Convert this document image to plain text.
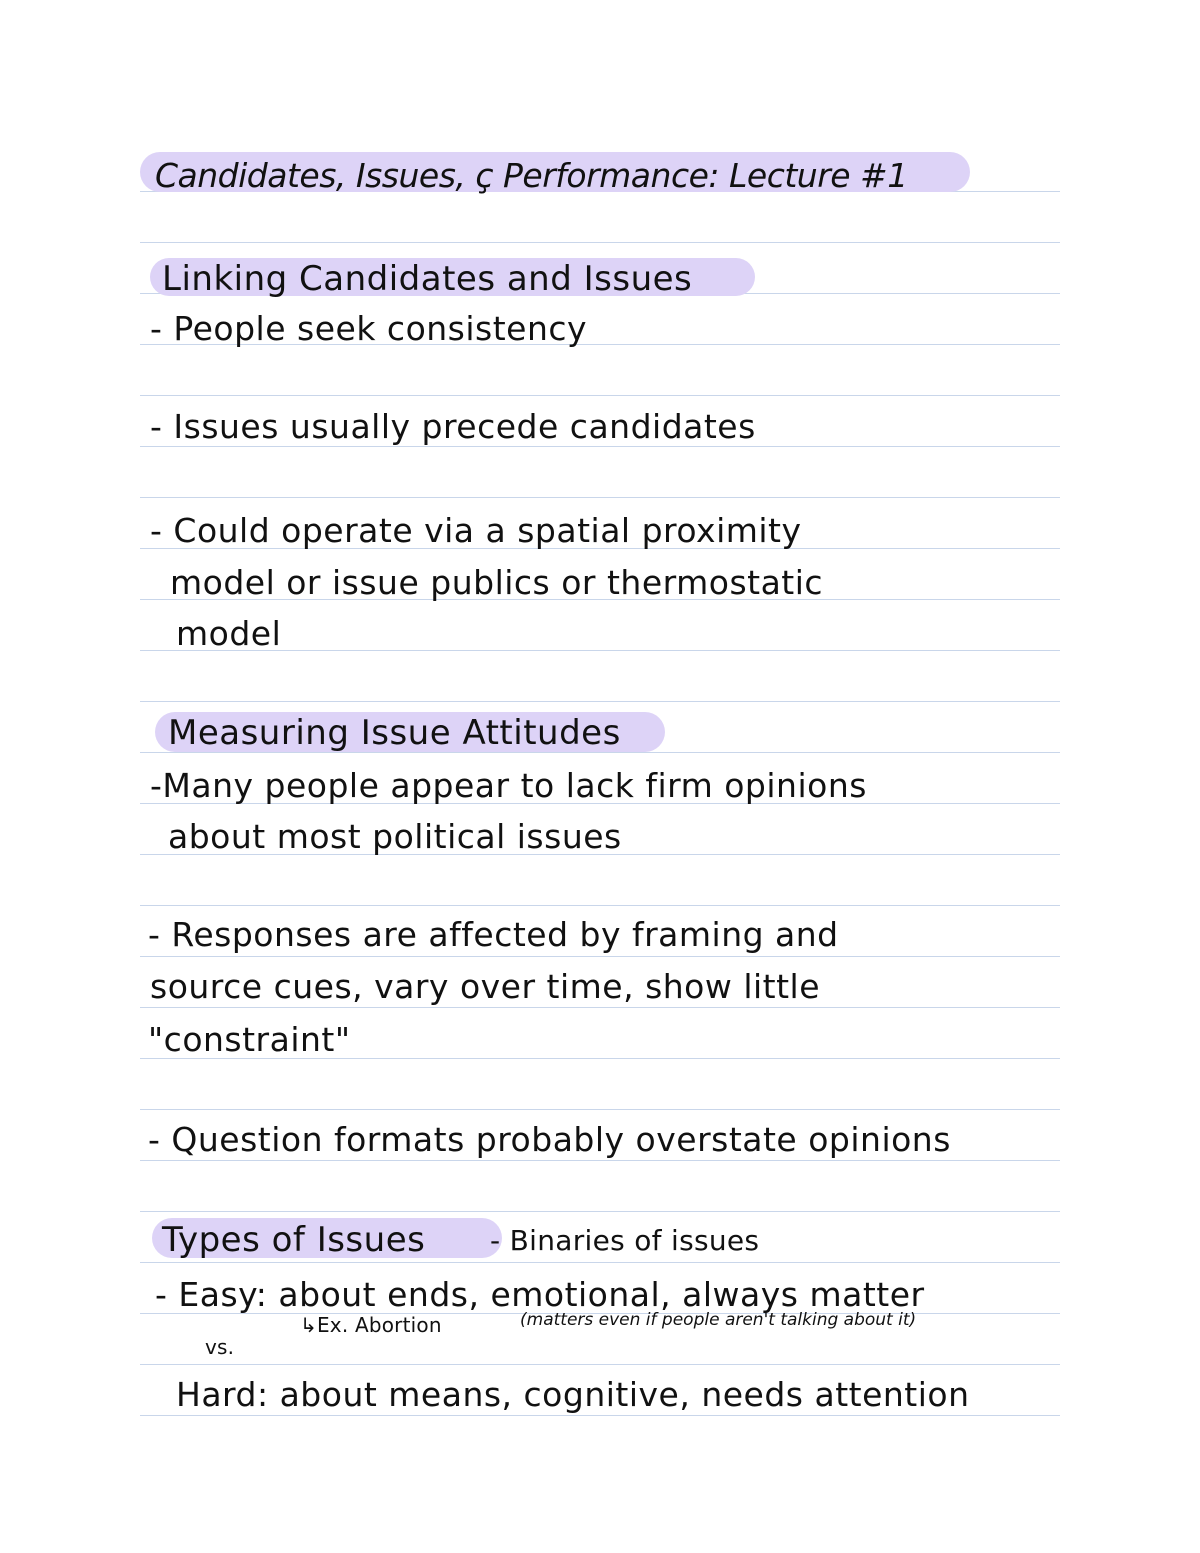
Candidates, Issues, ç Performance: Lecture #1
Linking Candidates and Issues
- People seek consistency
- Issues usually precede candidates
- Could operate via a spatial proximity
model or issue publics or thermostatic
model
Measuring Issue Attitudes
-Many people appear to lack firm opinions
about most political issues
- Responses are affected by framing and
source cues, vary over time, show little
"constraint"
- Question formats probably overstate opinions
Types of Issues - Binaries of issues
- Easy: about ends, emotional, always matter
↳Ex. Abortion	(matters even if people aren't talking about it)
vs.
Hard: about means, cognitive, needs attention
